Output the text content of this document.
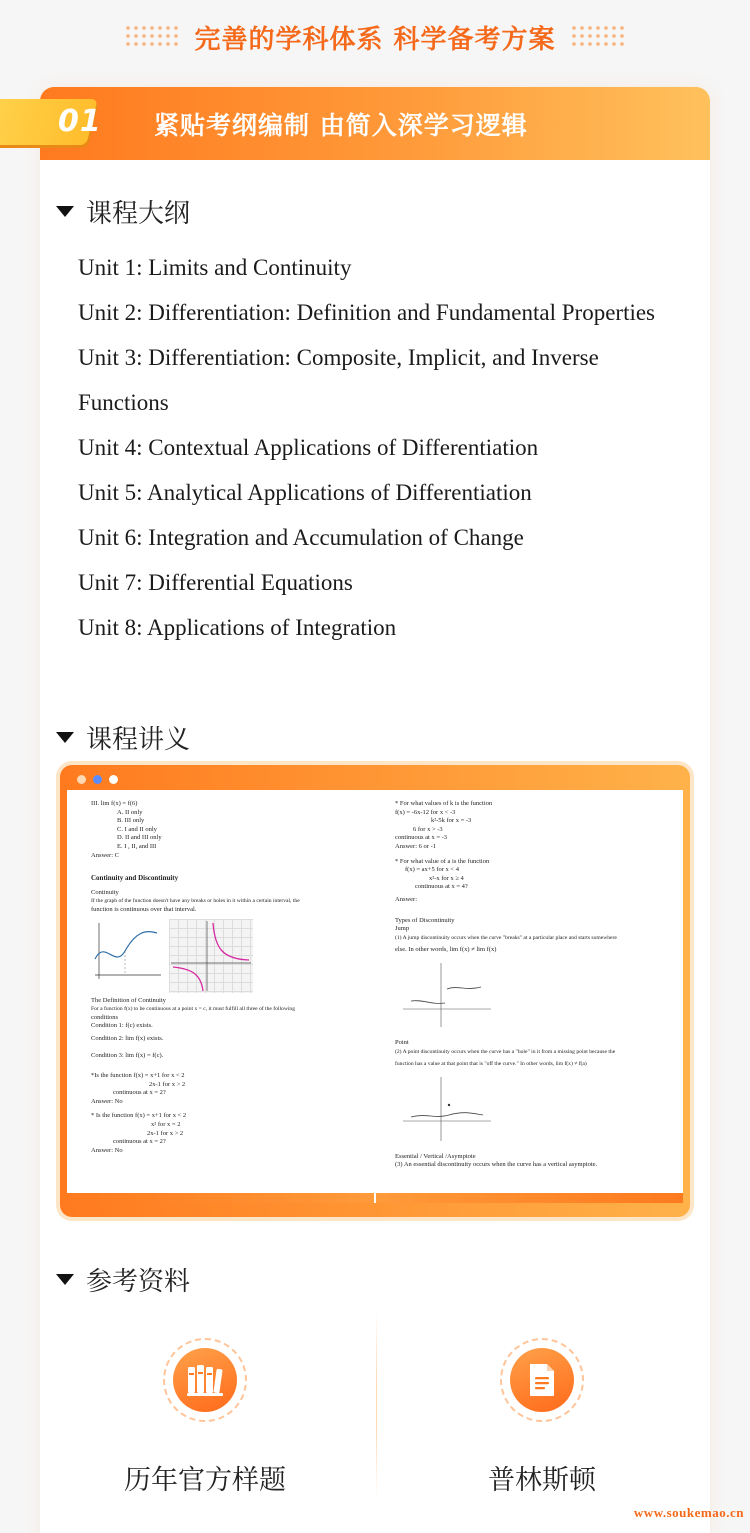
完善的学科体系 科学备考方案
01	紧贴考纲编制 由简入深学习逻辑
课程大纲
Unit 1: Limits and Continuity
Unit 2: Differentiation: Definition and Fundamental Properties
Unit 3: Differentiation: Composite, Implicit, and Inverse Functions
Unit 4: Contextual Applications of Differentiation
Unit 5: Analytical Applications of Differentiation
Unit 6: Integration and Accumulation of Change
Unit 7: Differential Equations
Unit 8: Applications of Integration
课程讲义
III. lim f(x) = f(6)
A. II only
B. III only
C. I and II only
D. II and III only
E. I , II, and III
Answer: C
Continuity and Discontinuity
Continuity
If the graph of the function doesn't have any breaks or holes in it within a certain interval, the
function is continuous over that interval.
The Definition of Continuity
For a function f(x) to be continuous at a point x = c, it must fulfill all three of the following
conditions
Condition 1: f(c) exists.
Condition 2: lim f(x) exists.
Condition 3: lim f(x) = f(c).
*Is the function f(x) = x+1 for x < 2
2x-1 for x > 2
continuous at x = 2?
Answer: No
* Is the function f(x) = x+1 for x < 2
x² for x = 2
2x-1 for x > 2
continuous at x = 2?
Answer: No
* For what values of k is the function
f(x) = -6x-12 for x < -3
k²-5k for x = -3
6 for x > -3
continuous at x = -3
Answer: 6 or -1
* For what value of a is the function
f(x) = ax+5 for x < 4
x²-x for x ≥ 4
continuous at x = 4?
Answer:
Types of Discontinuity
Jump
(1) A jump discontinuity occurs when the curve "breaks" at a particular place and starts somewhere
else. In other words, lim f(x) ≠ lim f(x)
Point
(2) A point discontinuity occurs when the curve has a "hole" in it from a missing point because the
function has a value at that point that is "off the curve." In other words, lim f(x) ≠ f(a)
Essential / Vertical /Asymptote
(3) An essential discontinuity occurs when the curve has a vertical asymptote.
参考资料
历年官方样题	普林斯顿
www.soukemao.cn
